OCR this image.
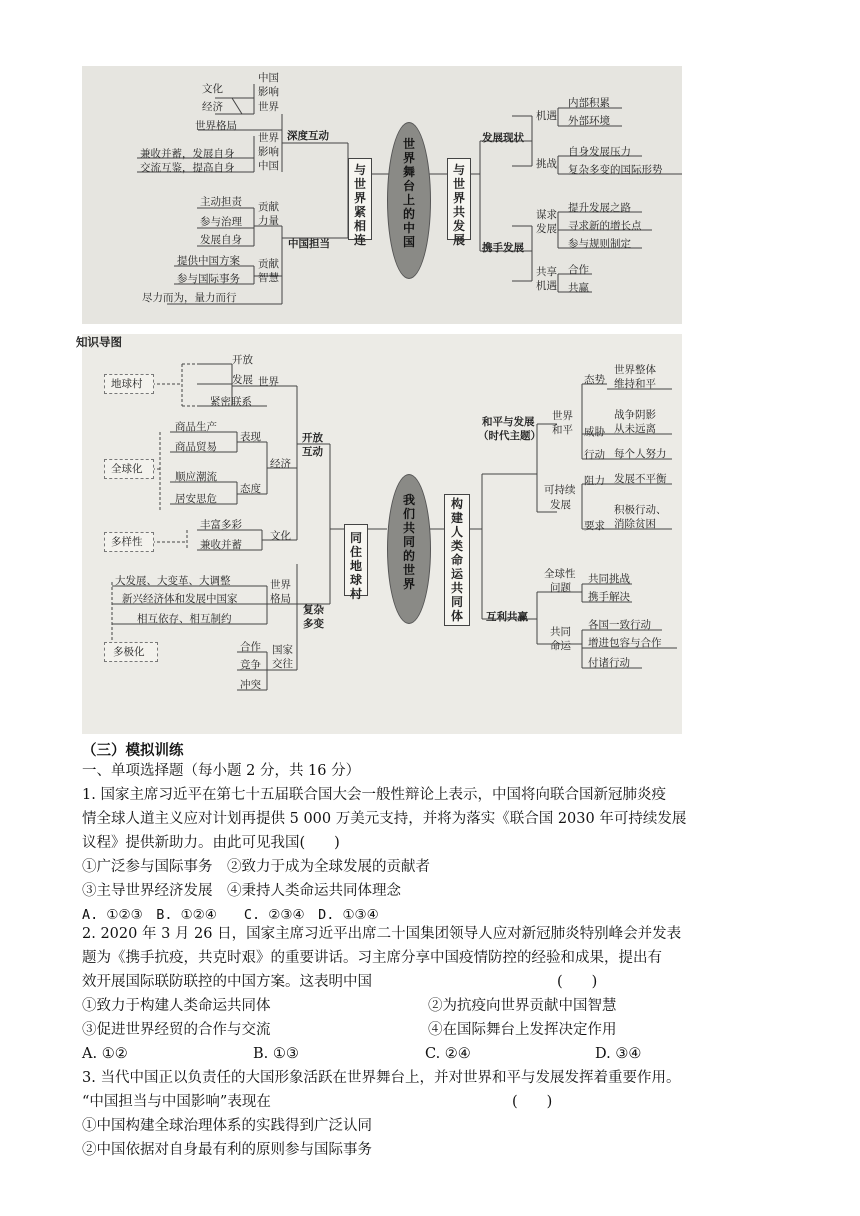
文化
经济
世界格局
中国
影响
世界
世界
影响
中国
兼收并蓄，发展自身
交流互鉴，提高自身
深度互动
主动担责
参与治理
发展自身
贡献
力量
提供中国方案
参与国际事务
贡献
智慧
尽力而为，量力而行
中国担当
与世界紧相连
世界舞台上的中国
与世界共发展
发展现状
携手发展
机遇
挑战
内部积累
外部环境
自身发展压力
复杂多变的国际形势
谋求
发展
提升发展之路
寻求新的增长点
参与规则制定
共享
机遇
合作
共赢
知识导图
地球村
全球化
多样性
多极化
开放
发展
紧密联系
世界
开放
互动
商品生产
商品贸易
表现
经济
顺应潮流
居安思危
态度
丰富多彩
兼收并蓄
文化
大发展、大变革、大调整
新兴经济体和发展中国家
相互依存、相互制约
世界
格局
复杂
多变
合作
竞争
冲突
国家
交往
同住地球村
我们共同的世界
构建人类命运共同体
和平与发展
（时代主题）
互利共赢
世界
和平
可持续
发展
态势
威胁
行动
阻力
要求
世界整体
维持和平
战争阴影
从未远离
每个人努力
发展不平衡
积极行动、
消除贫困
全球性
问题
共同
命运
共同挑战
携手解决
各国一致行动
增进包容与合作
付诸行动
（三）模拟训练
一、单项选择题（每小题 2 分，共 16 分）
1. 国家主席习近平在第七十五届联合国大会一般性辩论上表示，中国将向联合国新冠肺炎疫
情全球人道主义应对计划再提供 5 000 万美元支持，并将为落实《联合国 2030 年可持续发展
议程》提供新助力。由此可见我国(　　)
①广泛参与国际事务　②致力于成为全球发展的贡献者
③主导世界经济发展　④秉持人类命运共同体理念
A. ①②③　B. ①②④　　C. ②③④　D. ①③④
2. 2020 年 3 月 26 日，国家主席习近平出席二十国集团领导人应对新冠肺炎特别峰会并发表
题为《携手抗疫，共克时艰》的重要讲话。习主席分享中国疫情防控的经验和成果，提出有
效开展国际联防联控的中国方案。这表明中国	(　　)
①致力于构建人类命运共同体	②为抗疫向世界贡献中国智慧
③促进世界经贸的合作与交流	④在国际舞台上发挥决定作用
A. ①②	B. ①③	C. ②④	D. ③④
3. 当代中国正以负责任的大国形象活跃在世界舞台上，并对世界和平与发展发挥着重要作用。
“中国担当与中国影响”表现在	(　　)
①中国构建全球治理体系的实践得到广泛认同
②中国依据对自身最有利的原则参与国际事务
